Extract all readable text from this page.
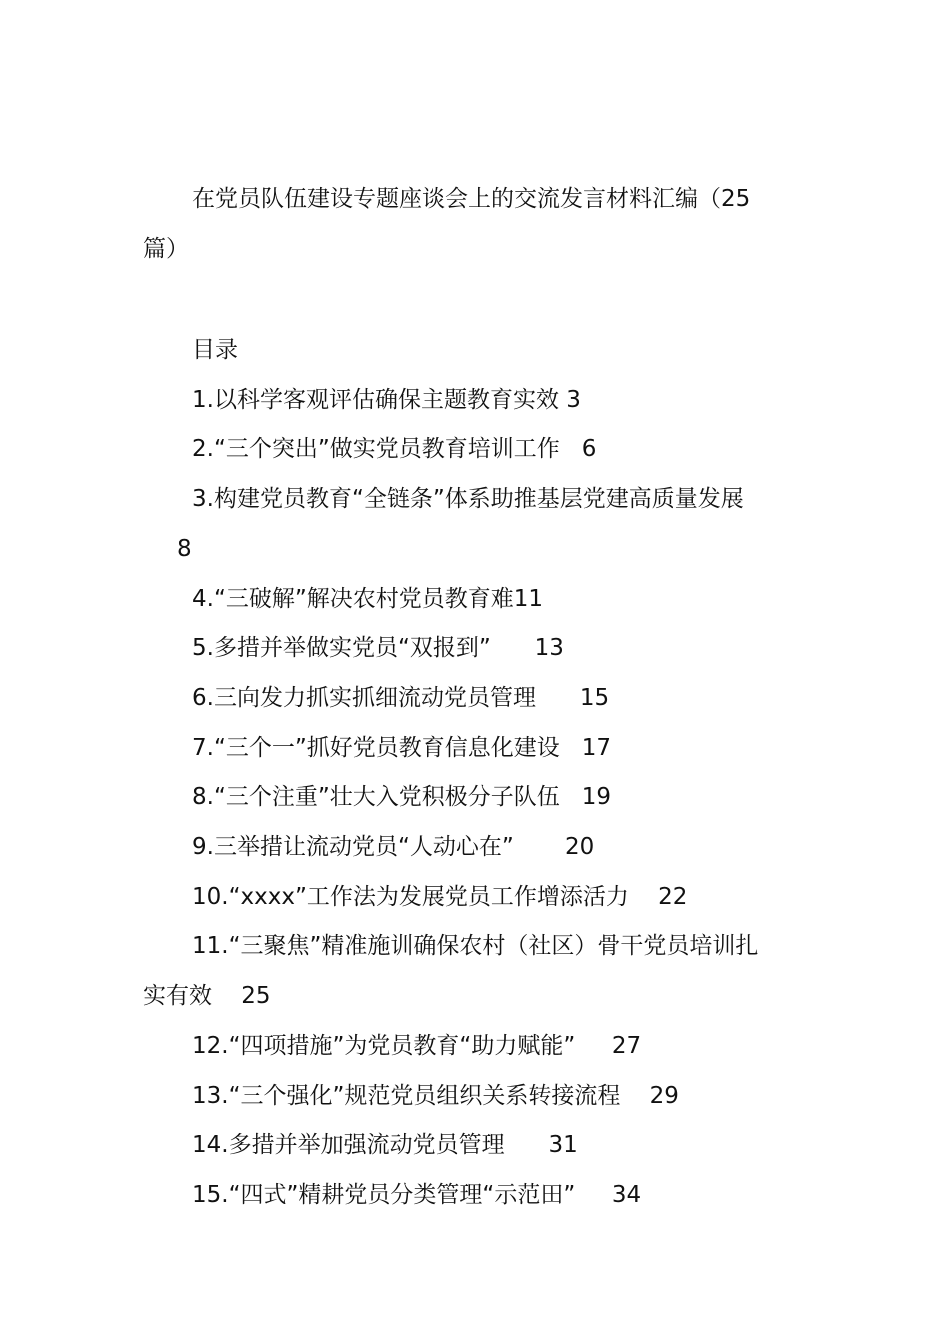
在党员队伍建设专题座谈会上的交流发言材料汇编（25
篇）
目录
1.以科学客观评估确保主题教育实效 3
2.“三个突出”做实党员教育培训工作 6
3.构建党员教育“全链条”体系助推基层党建高质量发展
8
4.“三破解”解决农村党员教育难11
5.多措并举做实党员“双报到” 13
6.三向发力抓实抓细流动党员管理 15
7.“三个一”抓好党员教育信息化建设 17
8.“三个注重”壮大入党积极分子队伍 19
9.三举措让流动党员“人动心在” 20
10.“xxxx”工作法为发展党员工作增添活力 22
11.“三聚焦”精准施训确保农村（社区）骨干党员培训扎
实有效 25
12.“四项措施”为党员教育“助力赋能” 27
13.“三个强化”规范党员组织关系转接流程 29
14.多措并举加强流动党员管理 31
15.“四式”精耕党员分类管理“示范田” 34
